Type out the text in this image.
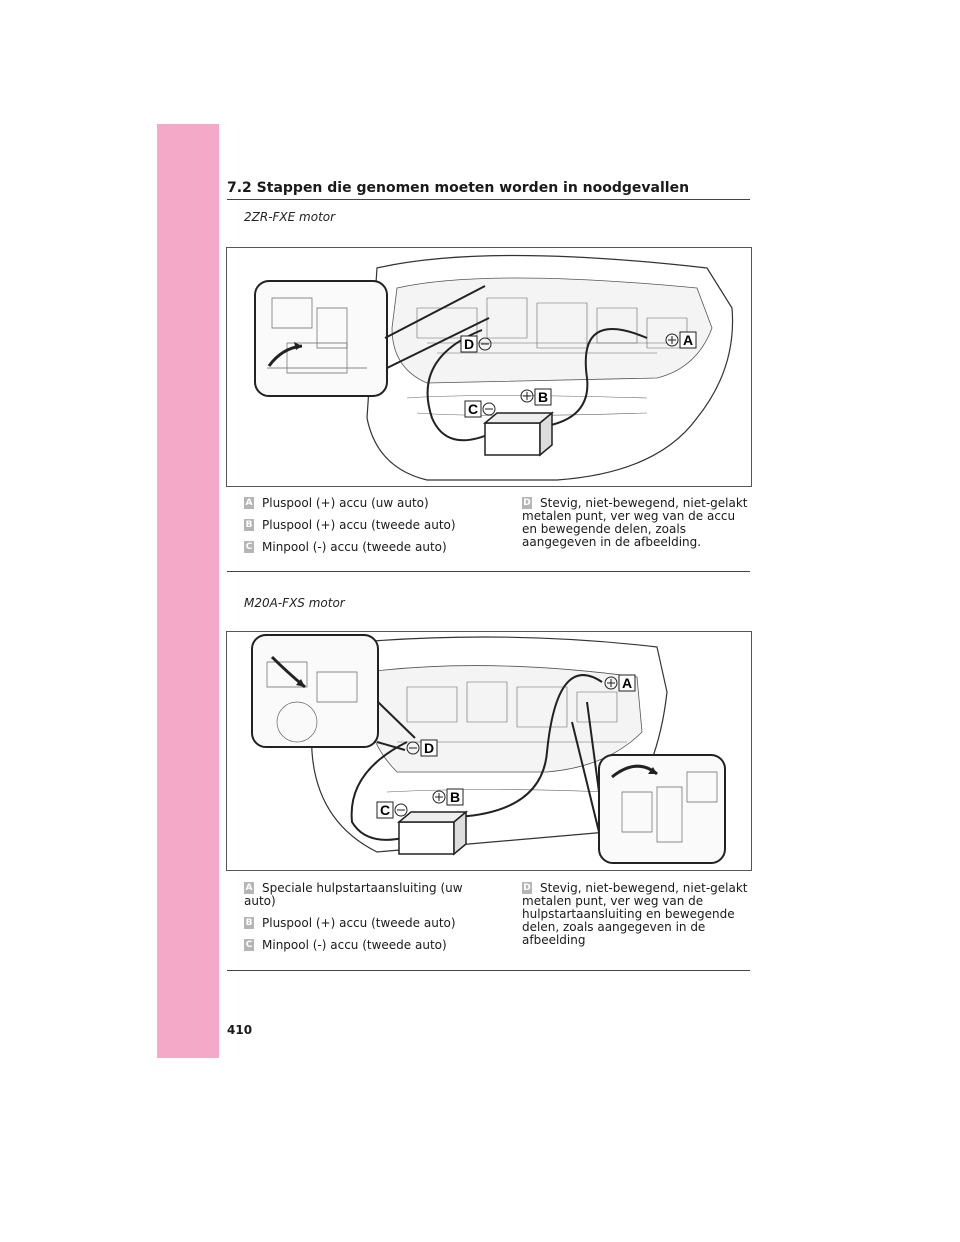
7.2 Stappen die genomen moeten worden in noodgevallen
2ZR-FXE motor
A
D
B
C
A Pluspool (+) accu (uw auto)
B Pluspool (+) accu (tweede auto)
C Minpool (-) accu (tweede auto)
D Stevig, niet-bewegend, niet-gelakt metalen punt, ver weg van de accu en bewegende delen, zoals aangegeven in de afbeelding.
M20A-FXS motor
A
D
B
C
A Speciale hulpstartaansluiting (uw auto)
B Pluspool (+) accu (tweede auto)
C Minpool (-) accu (tweede auto)
D Stevig, niet-bewegend, niet-gelakt metalen punt, ver weg van de hulpstartaansluiting en bewegende delen, zoals aangegeven in de afbeelding
410
